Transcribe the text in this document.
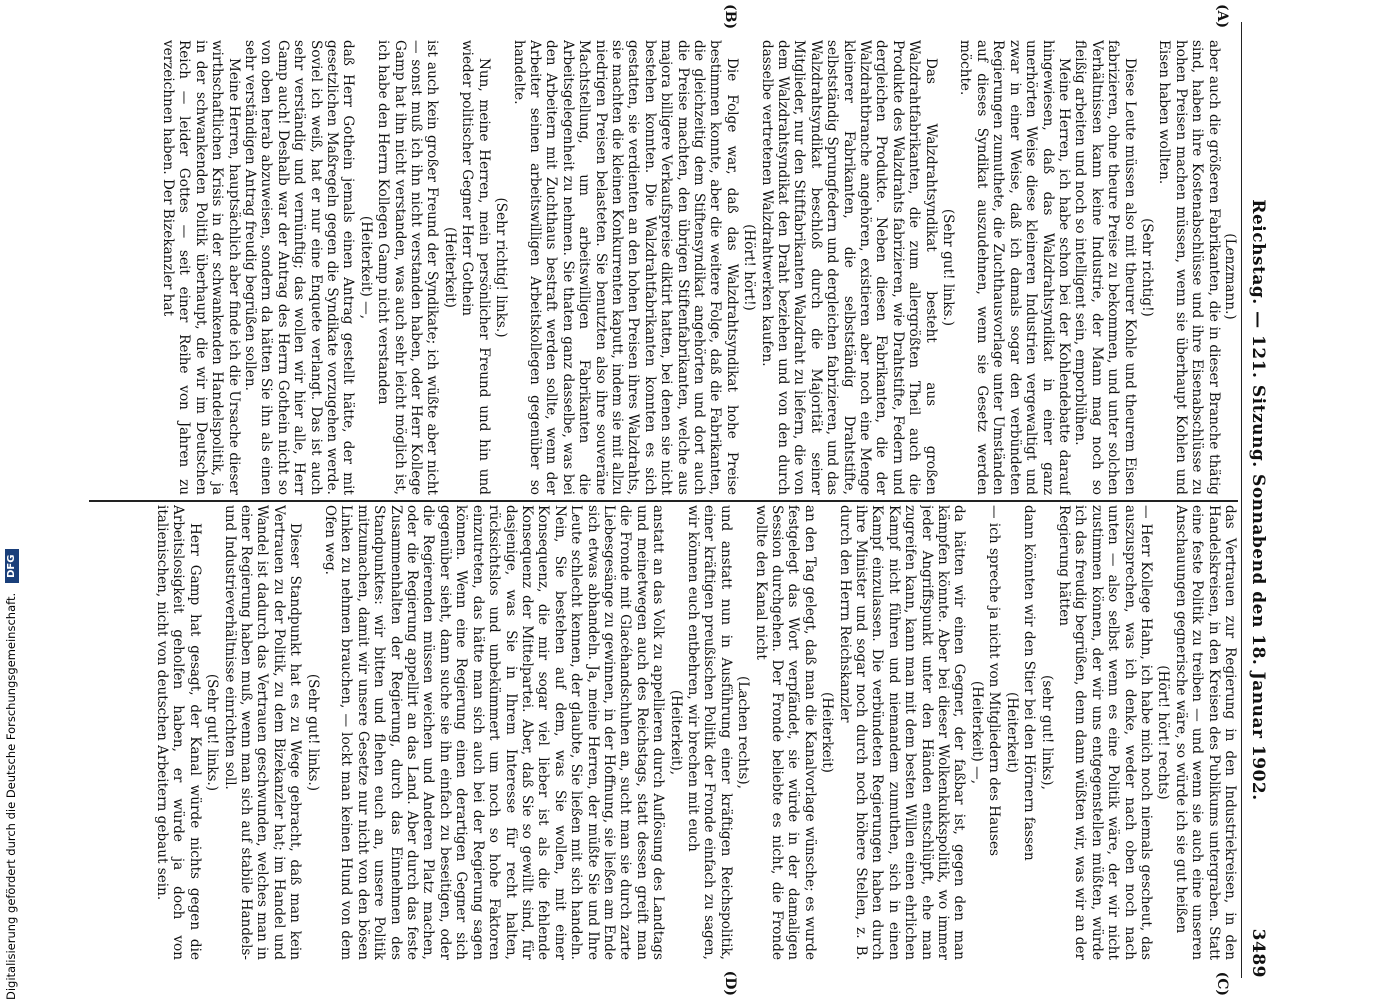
Reichstag. — 121. Sitzung. Sonnabend den 18. Januar 1902.
3489

(Lenzmann.)

aber auch die größeren Fabrikanten, die in dieser Branche thätig sind, haben ihre Kostenabschlüsse und ihre Eisenabschlüsse zu hohen Preisen machen müssen, wenn sie überhaupt Kohlen und Eisen haben wollten.

(Sehr richtig!)

Diese Leute müssen also mit theurer Kohle und theurem Eisen fabrizieren, ohne theure Preise zu bekommen, und unter solchen Verhältnissen kann keine Industrie, der Mann mag noch so fleißig arbeiten und noch so intelligent sein, emporblühen.

Meine Herren, ich habe schon bei der Kohlendebatte darauf hingewiesen, daß das Walzdrahtsyndikat in einer ganz unerhörten Weise diese kleineren Industrien vergewaltigt und zwar in einer Weise, daß ich damals sogar den verbündeten Regierungen zumuthete, die Zuchthausvorlage unter Umständen auf dieses Syndikat auszudehnen, wenn sie Gesetz werden möchte.

(Sehr gut! links.)

Das Walzdrahtsyndikat besteht aus großen Walzdrahtfabrikanten, die zum allergrößten Theil auch die Produkte des Walzdrahts fabrizieren, wie Drahtstifte, Federn und dergleichen Produkte. Neben diesen Fabrikanten, die der Walzdrahtbranche angehören, existieren aber noch eine Menge kleinerer Fabrikanten, die selbstständig Drahtstifte, selbstständig Sprungfedern und dergleichen fabrizieren, und das Walzdrahtsyndikat beschloß durch die Majorität seiner Mitglieder, nur den Stiftfabrikanten Walzdraht zu liefern, die von dem Walzdrahtsyndikat den Draht beziehen und von den durch dasselbe vertretenen Walzdrahtwerken kaufen.

(Hört! hört!)

Die Folge war, daß das Walzdrahtsyndikat hohe Preise bestimmen konnte, aber die weitere Folge, daß die Fabrikanten, die gleichzeitig dem Stiftensyndikat angehörten und dort auch die Preise machten, den übrigen Stiftenfabrikanten, welche aus majora billigere Verkaufspreise diktirt hatten, bei denen sie nicht bestehen konnten. Die Walzdrahtfabrikanten konnten es sich gestatten, sie verdienten an den hohen Preisen ihres Walzdrahts, sie machten die kleinen Konkurrenten kaputt, indem sie mit allzu niedrigen Preisen belasteten. Sie benutzten also ihre souveräne Machtstellung, um arbeitswilligen Fabrikanten die Arbeitsgelegenheit zu nehmen. Sie thaten ganz dasselbe, was bei den Arbeitern mit Zuchthaus bestraft werden sollte, wenn der Arbeiter seinen arbeitswilligen Arbeitskollegen gegenüber so handelte.

(Sehr richtig! links.)

Nun, meine Herren, mein persönlicher Freund und hin und wieder politischer Gegner Herr Gothein

(Heiterkeit)

ist auch kein großer Freund der Syndikate; ich wüßte aber nicht — sonst muß ich ihn nicht verstanden haben, oder Herr Kollege Gamp hat ihn nicht verstanden, was auch sehr leicht möglich ist, ich habe den Herrn Kollegen Gamp nicht verstanden

(Heiterkeit) —,

daß Herr Gothein jemals einen Antrag gestellt hätte, der mit gesetzlichen Maßregeln gegen die Syndikate vorzugehen werde. Soviel ich weiß, hat er nur eine Enquete verlangt. Das ist auch sehr verständig und vernünftig; das wollen wir hier alle, Herr Gamp auch! Deshalb war der Antrag des Herrn Gothein nicht so von oben herab abzuweisen, sondern da hätten Sie ihn als einen sehr verständigen Antrag freudig begrüßen sollen.

Meine Herren, hauptsächlich aber finde ich die Ursache dieser wirthschaftlichen Krisis in der schwankenden Handelspolitik, ja in der schwankenden Politik überhaupt, die wir im Deutschen Reich — leider Gottes — seit einer Reihe von Jahren zu verzeichnen haben. Der Bizekanzler hat

das Vertrauen zur Regierung in den Industriekreisen, in den Handelskreisen, in den Kreisen des Publikums untergraben. Statt eine feste Politik zu treiben — und wenn sie auch eine unseren Anschauungen gegnerische wäre, so würde ich sie gut heißen

(Hört! hört! rechts)

— Herr Kollege Hahn, ich habe mich noch niemals gescheut, das auszusprechen, was ich denke, weder nach oben noch nach unten — also selbst wenn es eine Politik wäre, der wir nicht zustimmen können, der wir uns entgegenstellen müßten, würde ich das freudig begrüßen, denn dann wüßten wir, was wir an der Regierung hätten

(sehr gut! links),

dann könnten wir den Stier bei den Hörnern fassen

(Heiterkeit)

— ich spreche ja nicht von Mitgliedern des Hauses

(Heiterkeit) —,

da hätten wir einen Gegner, der faßbar ist, gegen den man kämpfen könnte. Aber bei dieser Wolkenkukkspolitik, wo immer jeder Angriffspunkt unter den Händen entschlüpft, ehe man zugreifen kann, kann man mit dem besten Willen einen ehrlichen Kampf nicht führen und niemandem zumuthen, sich in einen Kampf einzulassen. Die verbündeten Regierungen haben durch ihre Minister und sogar noch durch noch höhere Stellen, z. B. durch den Herrn Reichskanzler

(Heiterkeit)

an den Tag gelegt, daß man die Kanalvorlage wünsche; es wurde festgelegt das Wort verpfändet, sie würde in der damaligen Session durchgehen. Der Fronde beliebte es nicht, die Fronde wollte den Kanal nicht

(Lachen rechts),

und anstatt nun in Ausführung einer kräftigen Reichspolitik, einer kräftigen preußischen Politik der Fronde einfach zu sagen, wir können euch entbehren, wir brechen mit euch

(Heiterkeit),

anstatt an das Volk zu appellieren durch Auflösung des Landtags und meinetwegen auch des Reichstags, statt dessen greift man die Fronde mit Glacéhandschuhen an, sucht man sie durch zarte Liebesgesänge zu gewinnen, in der Hoffnung, sie ließen am Ende sich etwas abhandeln. Ja, meine Herren, der müßte Sie und Ihre Leute schlecht kennen, der glaubte, Sie ließen mit sich handeln. Nein, Sie bestehen auf dem, was Sie wollen, mit einer Konsequenz, die mir sogar viel lieber ist als die fehlende Konsequenz der Mittelpartei. Aber, daß Sie so gewillt sind, für dasjenige, was Sie in Ihrem Interesse für recht halten, rücksichtslos und unbekümmert um noch so hohe Faktoren einzutreten, das hätte man sich auch bei der Regierung sagen können. Wenn eine Regierung einen derartigen Gegner sich gegenüber sieht, dann suche sie ihn einfach zu beseitigen, oder die Regierenden müssen weichen und Anderen Platz machen, oder die Regierung appellirt an das Land. Aber durch das feste Zusammenhalten der Regierung, durch das Einnehmen des Standpunktes: wir bitten und flehen euch an, unsere Politik mitzumachen, damit wir unsere Gesetze nur nicht von den bösen Linken zu nehmen brauchen, — lockt man keinen Hund von dem Ofen weg.

(Sehr gut! links.)

Dieser Standpunkt hat es zu Wege gebracht, daß man kein Vertrauen zu der Politik, zu dem Bizekanzler hat; im Handel und Wandel ist dadurch das Vertrauen geschwunden, welches man in einer Regierung haben muß, wenn man sich auf stabile Handels- und Industrieverhältnisse einrichten soll.

(Sehr gut! links.)

Herr Gamp hat gesagt, der Kanal würde nichts gegen die Arbeitslosigkeit geholfen haben, er würde ja doch von italienischen, nicht von deutschen Arbeitern gebaut sein.

(A)
(B)
(C)
(D)
Digitalisierung gefördert durch die Deutsche Forschungsgemeinschaft. DFG
